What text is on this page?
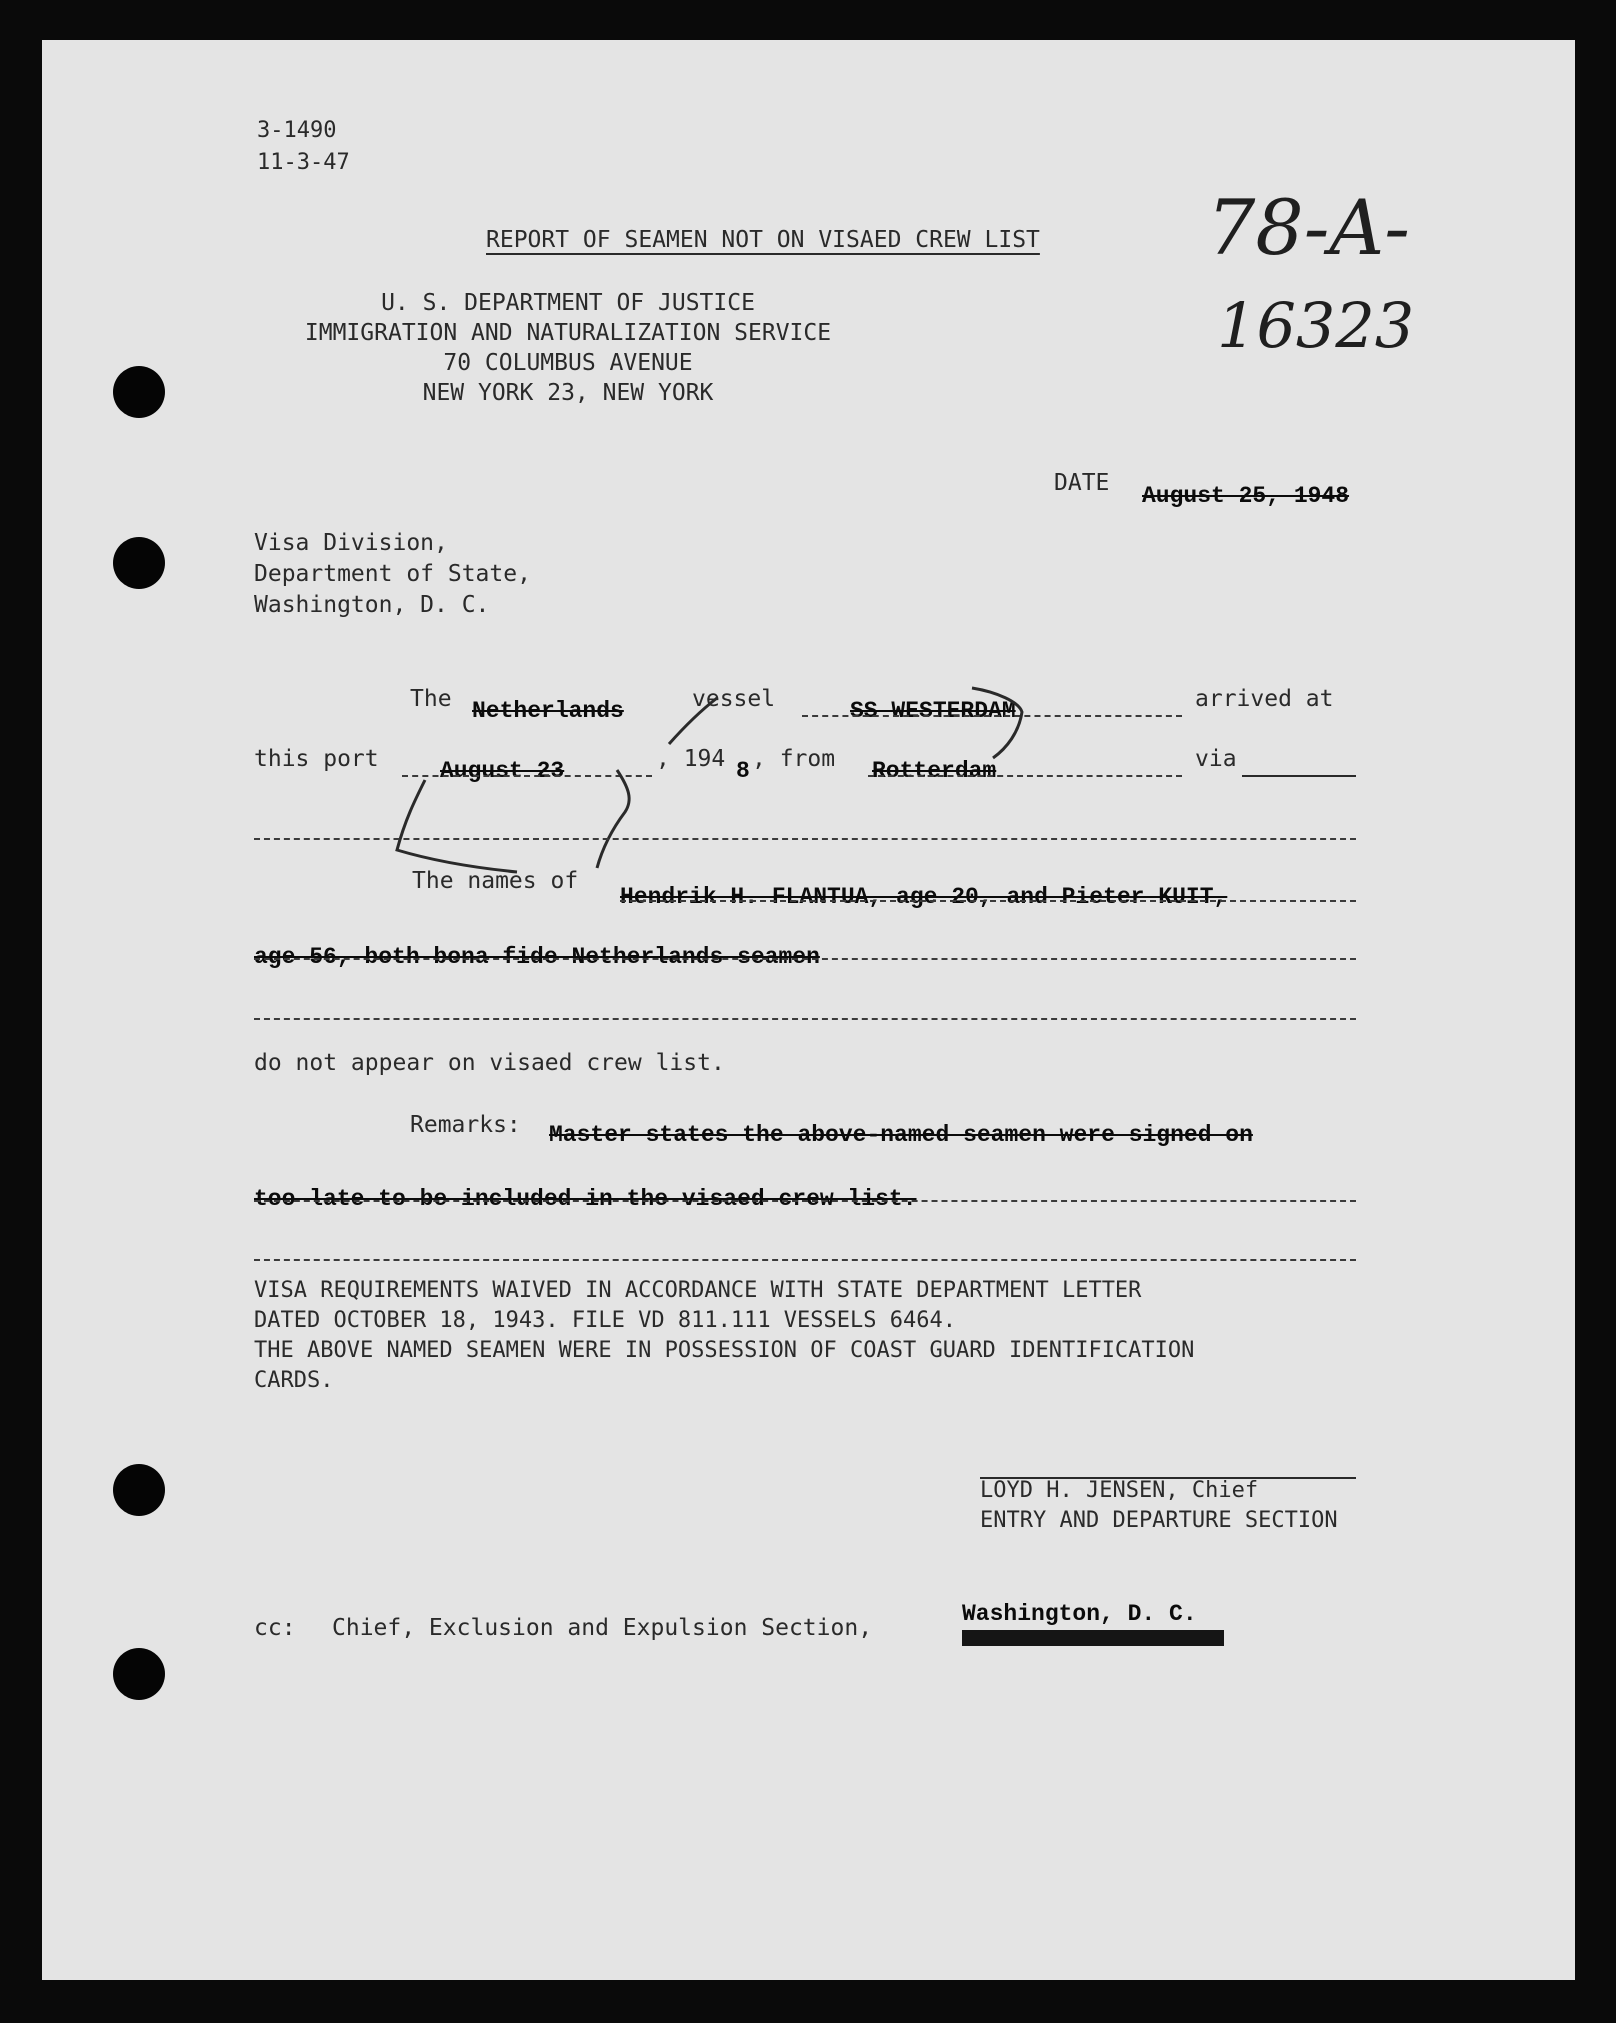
3-1490
11-3-47
78-A-
16323
REPORT OF SEAMEN NOT ON VISAED CREW LIST
U. S. DEPARTMENT OF JUSTICE
IMMIGRATION AND NATURALIZATION SERVICE
70 COLUMBUS AVENUE
NEW YORK 23, NEW YORK
DATE August 25, 1948
Visa Division,
Department of State,
Washington, D. C.
The Netherlands	vessel	SS WESTERDAM	arrived at
this port	August 23	, 194 8 , from Rotterdam	via
The names of
Hendrik H. FLANTUA, age 20, and Pieter KUIT,
age 56, both bona fide Netherlands seamen
do not appear on visaed crew list.
Remarks: Master states the above-named seamen were signed on
too late to be included in the visaed crew list.
VISA REQUIREMENTS WAIVED IN ACCORDANCE WITH STATE DEPARTMENT LETTER
DATED OCTOBER 18, 1943. FILE VD 811.111 VESSELS 6464.
THE ABOVE NAMED SEAMEN WERE IN POSSESSION OF COAST GUARD IDENTIFICATION
CARDS.
LOYD H. JENSEN, Chief
ENTRY AND DEPARTURE SECTION
cc: Chief, Exclusion and Expulsion Section,
Washington, D. C.
